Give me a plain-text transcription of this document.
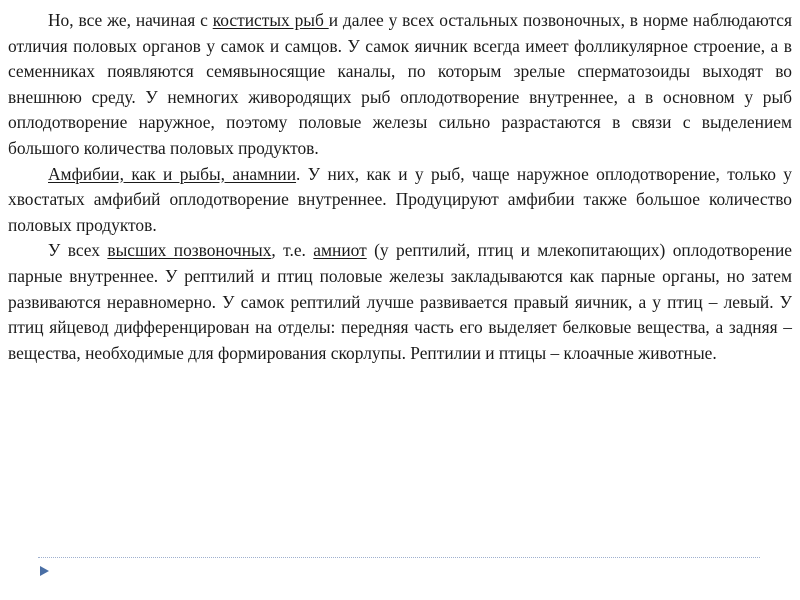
Но, все же, начиная с костистых рыб и далее у всех остальных позвоночных, в норме наблюдаются отличия половых органов у самок и самцов. У самок яичник всегда имеет фолликулярное строение, а в семенниках появляются семявыносящие каналы, по которым зрелые сперматозоиды выходят во внешнюю среду. У немногих живородящих рыб оплодотворение внутреннее, а в основном у рыб оплодотворение наружное, поэтому половые железы сильно разрастаются в связи с выделением большого количества половых продуктов.

Амфибии, как и рыбы, анамнии. У них, как и у рыб, чаще наружное оплодотворение, только у хвостатых амфибий оплодотворение внутреннее. Продуцируют амфибии также большое количество половых продуктов.

У всех высших позвоночных, т.е. амниот (у рептилий, птиц и млекопитающих) оплодотворение парные внутреннее. У рептилий и птиц половые железы закладываются как парные органы, но затем развиваются неравномерно. У самок рептилий лучше развивается правый яичник, а у птиц – левый. У птиц яйцевод дифференцирован на отделы: передняя часть его выделяет белковые вещества, а задняя – вещества, необходимые для формирования скорлупы. Рептилии и птицы – клоачные животные.
